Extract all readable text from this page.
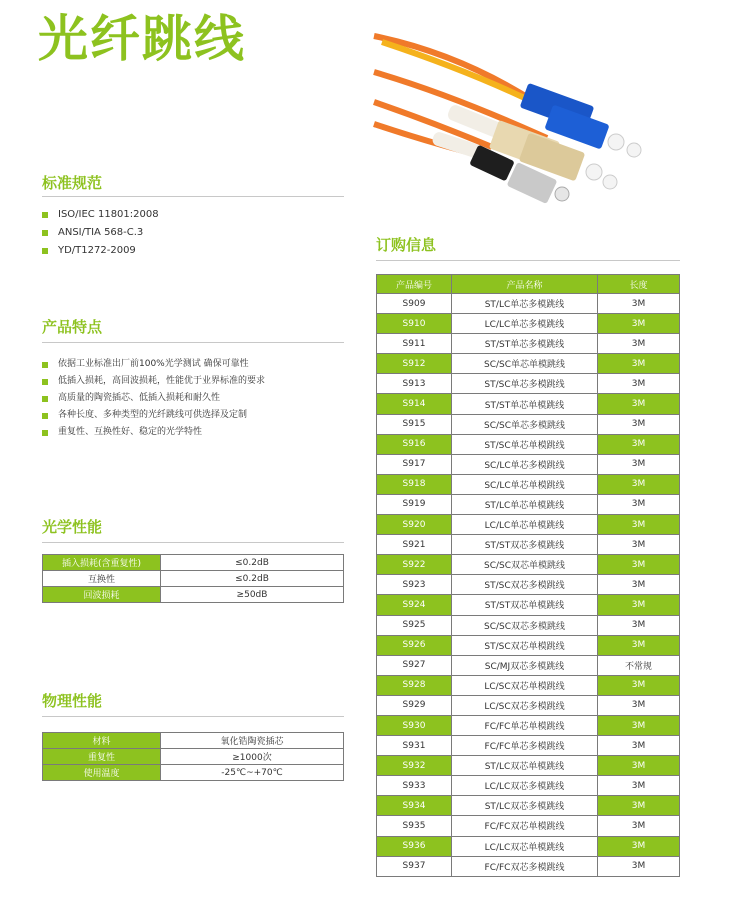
光纤跳线
标准规范
ISO/IEC 11801:2008
ANSI/TIA 568-C.3
YD/T1272-2009
产品特点
依据工业标准出厂前100%光学测试 确保可靠性
低插入损耗，高回波损耗，性能优于业界标准的要求
高质量的陶瓷插芯、低插入损耗和耐久性
各种长度、多种类型的光纤跳线可供选择及定制
重复性、互换性好、稳定的光学特性
光学性能
插入损耗(含重复性)	≤0.2dB
互换性	≤0.2dB
回波损耗	≥50dB
物理性能
材料	氧化锆陶瓷插芯
重复性	≥1000次
使用温度	-25℃~+70℃
订购信息
产品编号	产品名称	长度
S909	ST/LC单芯多模跳线	3M
S910	LC/LC单芯多模跳线	3M
S911	ST/ST单芯多模跳线	3M
S912	SC/SC单芯单模跳线	3M
S913	ST/SC单芯多模跳线	3M
S914	ST/ST单芯单模跳线	3M
S915	SC/SC单芯多模跳线	3M
S916	ST/SC单芯单模跳线	3M
S917	SC/LC单芯多模跳线	3M
S918	SC/LC单芯单模跳线	3M
S919	ST/LC单芯单模跳线	3M
S920	LC/LC单芯单模跳线	3M
S921	ST/ST双芯多模跳线	3M
S922	SC/SC双芯单模跳线	3M
S923	ST/SC双芯多模跳线	3M
S924	ST/ST双芯单模跳线	3M
S925	SC/SC双芯多模跳线	3M
S926	ST/SC双芯单模跳线	3M
S927	SC/MJ双芯多模跳线	不常规
S928	LC/SC双芯单模跳线	3M
S929	LC/SC双芯多模跳线	3M
S930	FC/FC单芯单模跳线	3M
S931	FC/FC单芯多模跳线	3M
S932	ST/LC双芯单模跳线	3M
S933	LC/LC双芯多模跳线	3M
S934	ST/LC双芯多模跳线	3M
S935	FC/FC双芯单模跳线	3M
S936	LC/LC双芯单模跳线	3M
S937	FC/FC双芯多模跳线	3M
